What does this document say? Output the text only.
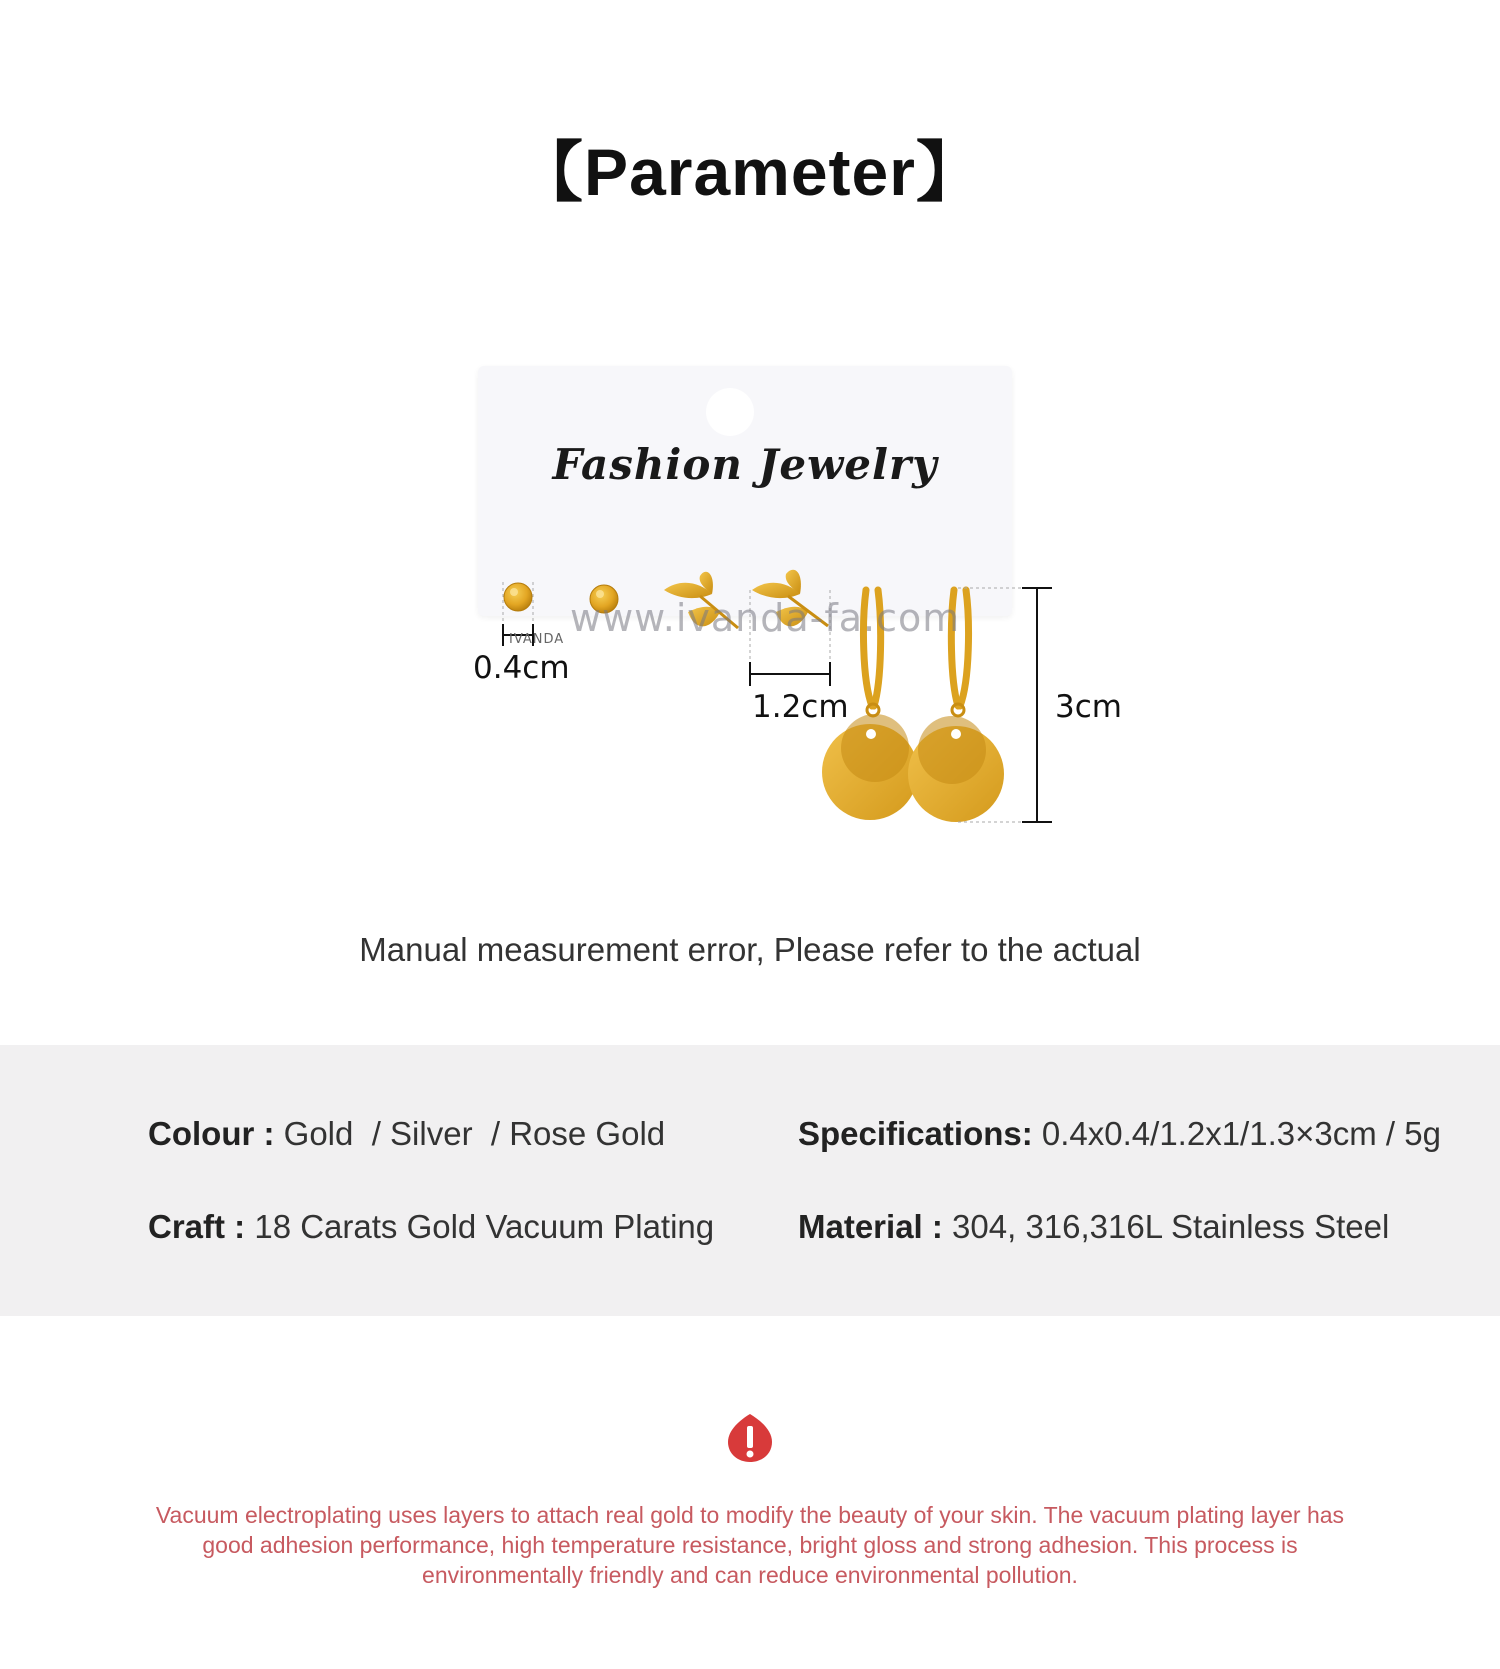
【Parameter】
Fashion Jewelry
www.ivanda-fa.com
IVANDA
0.4cm
1.2cm	3cm
Manual measurement error, Please refer to the actual
Colour : Gold  / Silver  / Rose Gold	Specifications: 0.4x0.4/1.2x1/1.3×3cm / 5g
Craft : 18 Carats Gold Vacuum Plating	Material : 304, 316,316L Stainless Steel
Vacuum electroplating uses layers to attach real gold to modify the beauty of your skin. The vacuum plating layer has good adhesion performance, high temperature resistance, bright gloss and strong adhesion. This process is environmentally friendly and can reduce environmental pollution.
